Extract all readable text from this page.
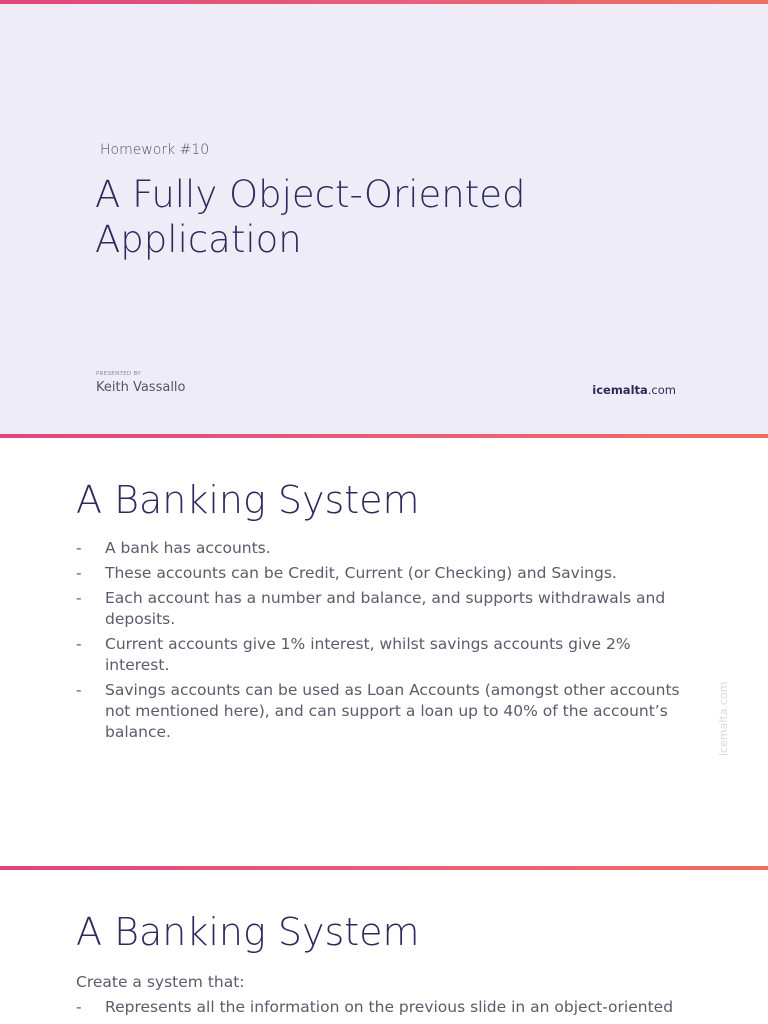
Homework #10
A Fully Object-Oriented
Application
PRESENTED BY
Keith Vassallo	icemalta.com
A Banking System
- A bank has accounts.
- These accounts can be Credit, Current (or Checking) and Savings.
- Each account has a number and balance, and supports withdrawals and deposits.
- Current accounts give 1% interest, whilst savings accounts give 2% interest.
- Savings accounts can be used as Loan Accounts (amongst other accounts not mentioned here), and can support a loan up to 40% of the account’s balance.	icemalta.com
A Banking System
Create a system that:
- Represents all the information on the previous slide in an object-oriented
